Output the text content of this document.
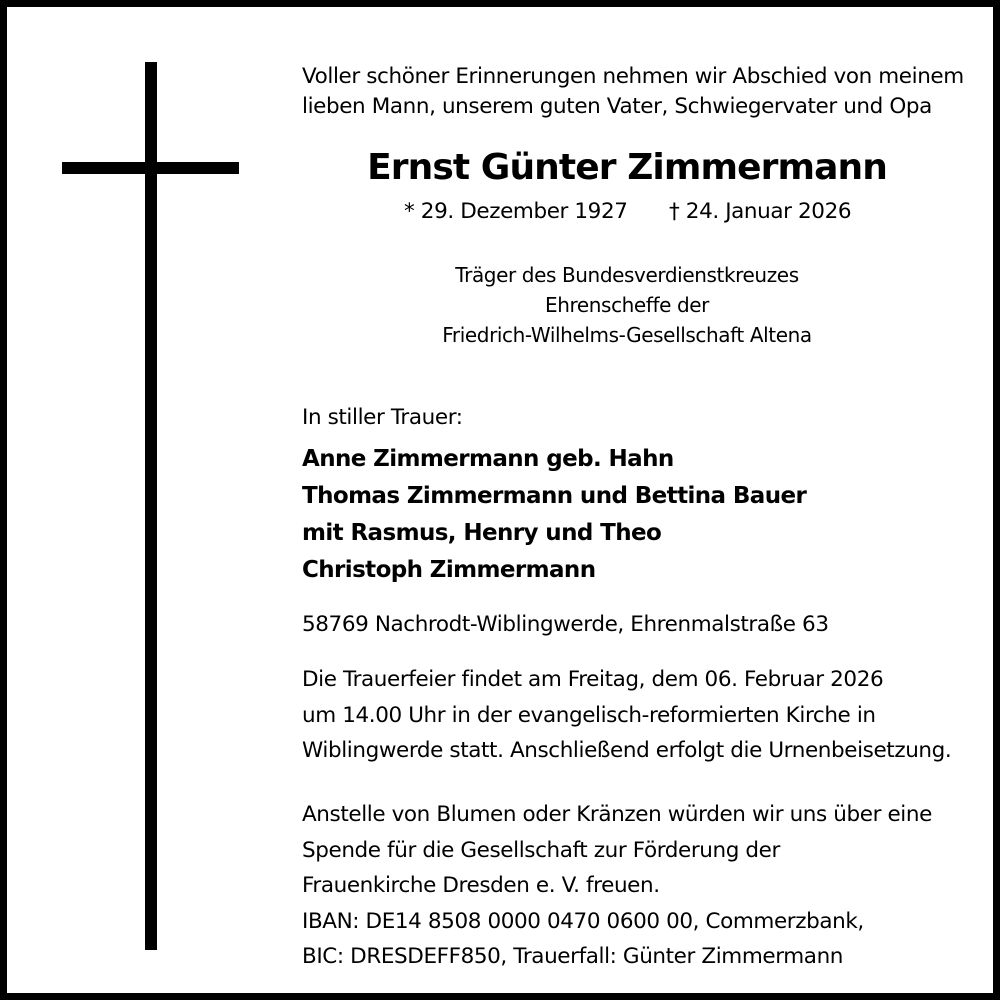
Voller schöner Erinnerungen nehmen wir Abschied von meinem
lieben Mann, unserem guten Vater, Schwiegervater und Opa
Ernst Günter Zimmermann
* 29. Dezember 1927 † 24. Januar 2026
Träger des Bundesverdienstkreuzes
Ehrenscheffe der
Friedrich-Wilhelms-Gesellschaft Altena
In stiller Trauer:
Anne Zimmermann geb. Hahn
Thomas Zimmermann und Bettina Bauer
mit Rasmus, Henry und Theo
Christoph Zimmermann
58769 Nachrodt-Wiblingwerde, Ehrenmalstraße 63
Die Trauerfeier findet am Freitag, dem 06. Februar 2026
um 14.00 Uhr in der evangelisch-reformierten Kirche in
Wiblingwerde statt. Anschließend erfolgt die Urnenbeisetzung.
Anstelle von Blumen oder Kränzen würden wir uns über eine
Spende für die Gesellschaft zur Förderung der
Frauenkirche Dresden e. V. freuen.
IBAN: DE14 8508 0000 0470 0600 00, Commerzbank,
BIC: DRESDEFF850, Trauerfall: Günter Zimmermann
